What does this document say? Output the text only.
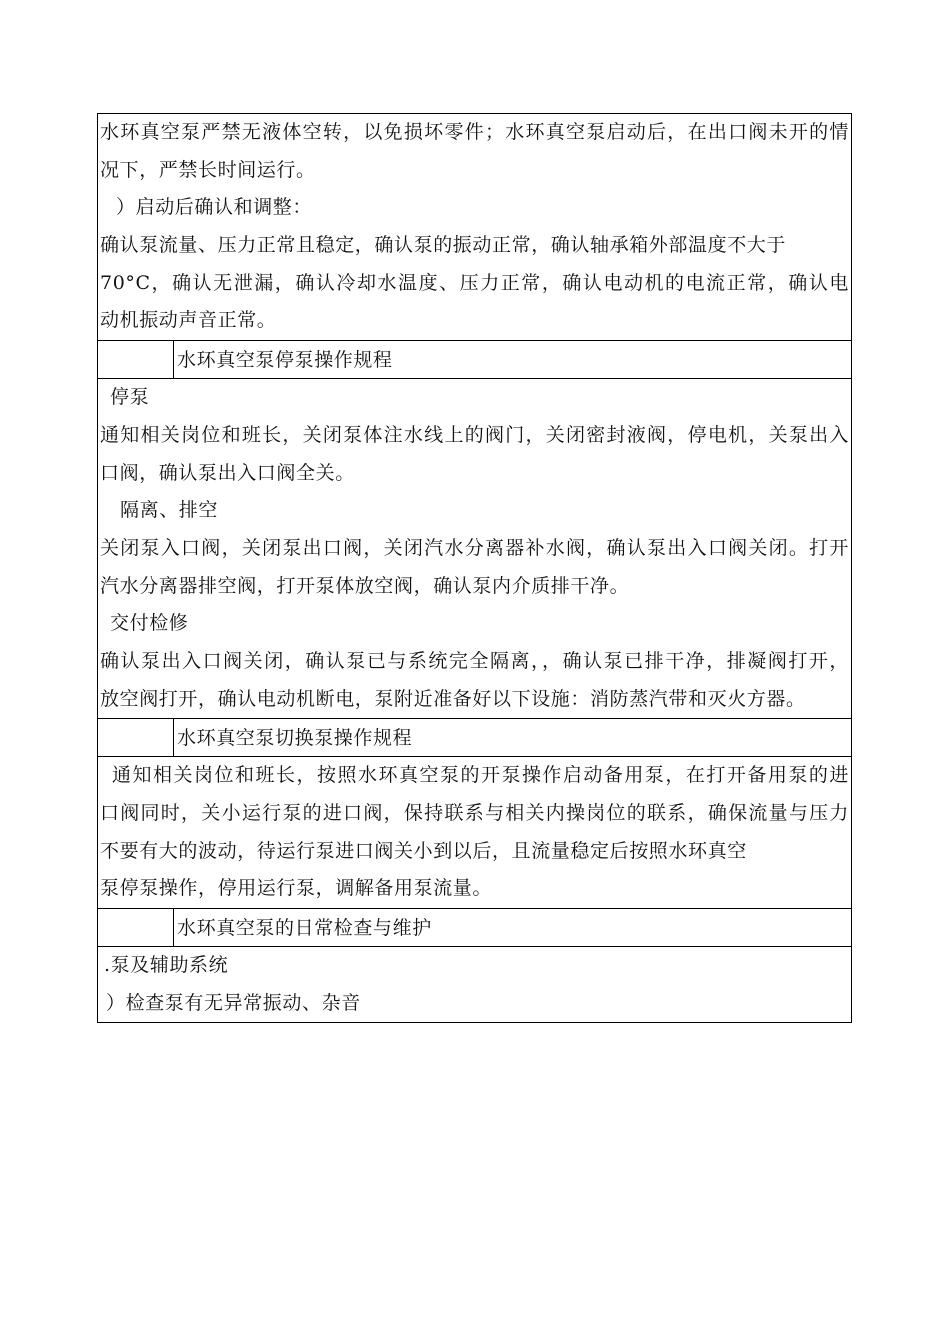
水环真空泵严禁无液体空转，以免损坏零件；水环真空泵启动后，在出口阀未开的情
况下，严禁长时间运行。
）启动后确认和调整：
确认泵流量、压力正常且稳定，确认泵的振动正常，确认轴承箱外部温度不大于
70°C，确认无泄漏，确认冷却水温度、压力正常，确认电动机的电流正常，确认电
动机振动声音正常。
水环真空泵停泵操作规程
停泵
通知相关岗位和班长，关闭泵体注水线上的阀门，关闭密封液阀，停电机，关泵出入
口阀，确认泵出入口阀全关。
隔离、排空
关闭泵入口阀，关闭泵出口阀，关闭汽水分离器补水阀，确认泵出入口阀关闭。打开
汽水分离器排空阀，打开泵体放空阀，确认泵内介质排干净。
交付检修
确认泵出入口阀关闭，确认泵已与系统完全隔离，，确认泵已排干净，排凝阀打开，
放空阀打开，确认电动机断电，泵附近准备好以下设施：消防蒸汽带和灭火方器。
水环真空泵切换泵操作规程
通知相关岗位和班长，按照水环真空泵的开泵操作启动备用泵，在打开备用泵的进
口阀同时，关小运行泵的进口阀，保持联系与相关内操岗位的联系，确保流量与压力
不要有大的波动，待运行泵进口阀关小到以后，且流量稳定后按照水环真空
泵停泵操作，停用运行泵，调解备用泵流量。
水环真空泵的日常检查与维护
.泵及辅助系统
）检查泵有无异常振动、杂音
